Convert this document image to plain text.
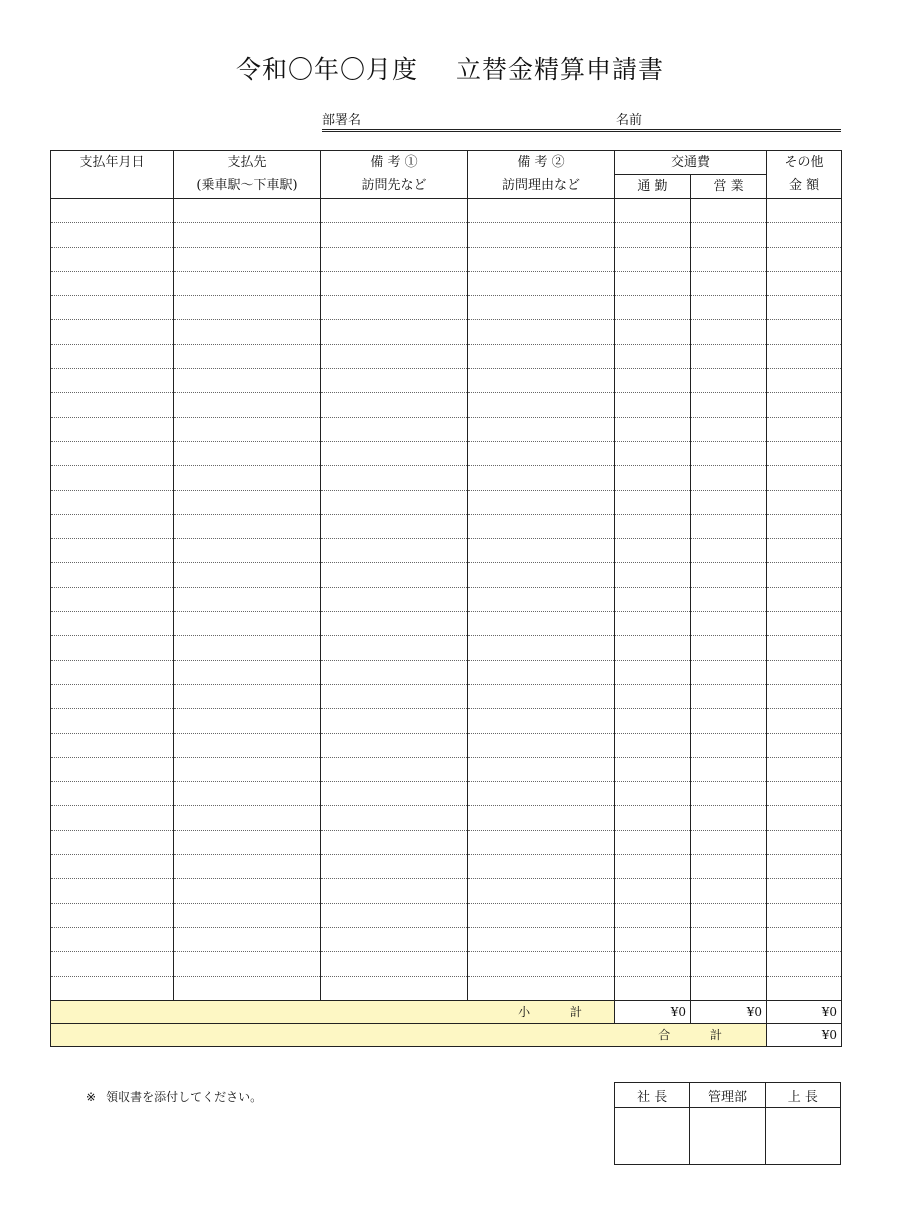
令和〇年〇月度 立替金精算申請書
部署名	名前
支払年月日	支払先	備 考 ①	備 考 ②	交通費		その他
	(乗車駅～下車駅)	訪問先など	訪問理由など	通 勤	営 業	金 額

小 計				¥0	¥0	¥0
合 計						¥0
※ 領収書を添付してください。	社 長	管理部	上 長
